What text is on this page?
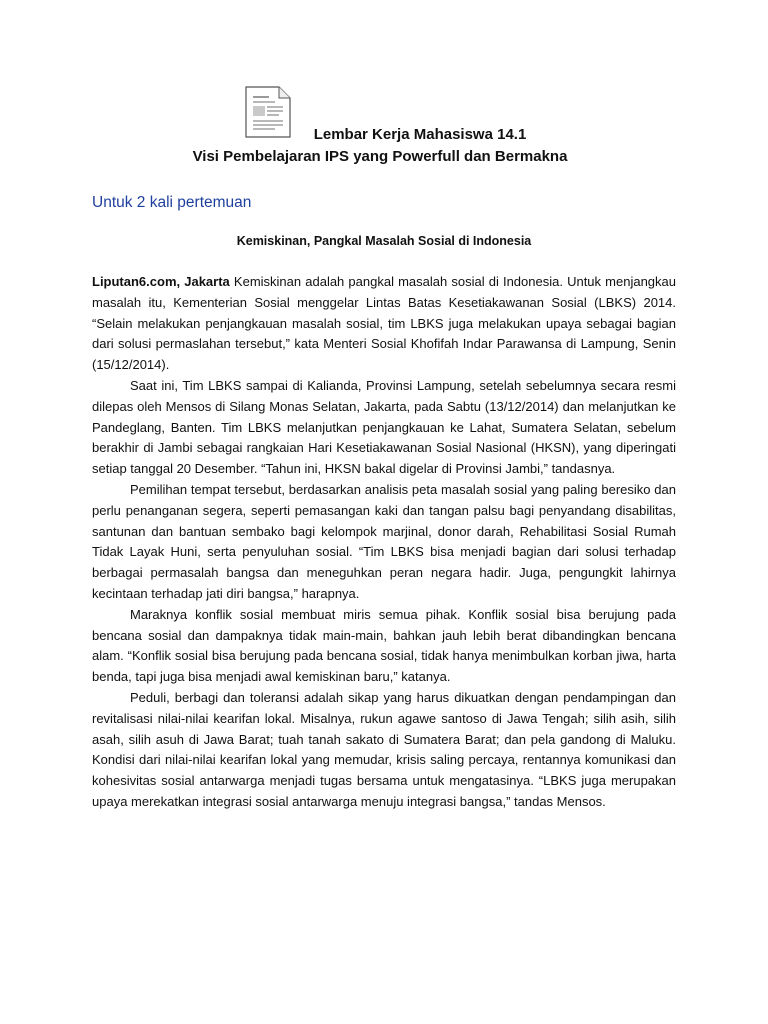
Lembar Kerja Mahasiswa 14.1
Visi Pembelajaran IPS yang Powerfull dan Bermakna
Untuk 2 kali pertemuan
Kemiskinan, Pangkal Masalah Sosial di Indonesia

Liputan6.com, Jakarta Kemiskinan adalah pangkal masalah sosial di Indonesia. Untuk menjangkau masalah itu, Kementerian Sosial menggelar Lintas Batas Kesetiakawanan Sosial (LBKS) 2014. “Selain melakukan penjangkauan masalah sosial, tim LBKS juga melakukan upaya sebagai bagian dari solusi permaslahan tersebut,” kata Menteri Sosial Khofifah Indar Parawansa di Lampung, Senin (15/12/2014).

Saat ini, Tim LBKS sampai di Kalianda, Provinsi Lampung, setelah sebelumnya secara resmi dilepas oleh Mensos di Silang Monas Selatan, Jakarta, pada Sabtu (13/12/2014) dan melanjutkan ke Pandeglang, Banten. Tim LBKS melanjutkan penjangkauan ke Lahat, Sumatera Selatan, sebelum berakhir di Jambi sebagai rangkaian Hari Kesetiakawanan Sosial Nasional (HKSN), yang diperingati setiap tanggal 20 Desember. “Tahun ini, HKSN bakal digelar di Provinsi Jambi,” tandasnya.

Pemilihan tempat tersebut, berdasarkan analisis peta masalah sosial yang paling beresiko dan perlu penanganan segera, seperti pemasangan kaki dan tangan palsu bagi penyandang disabilitas, santunan dan bantuan sembako bagi kelompok marjinal, donor darah, Rehabilitasi Sosial Rumah Tidak Layak Huni, serta penyuluhan sosial. “Tim LBKS bisa menjadi bagian dari solusi terhadap berbagai permasalah bangsa dan meneguhkan peran negara hadir. Juga, pengungkit lahirnya kecintaan terhadap jati diri bangsa,” harapnya.

Maraknya konflik sosial membuat miris semua pihak. Konflik sosial bisa berujung pada bencana sosial dan dampaknya tidak main-main, bahkan jauh lebih berat dibandingkan bencana alam. “Konflik sosial bisa berujung pada bencana sosial, tidak hanya menimbulkan korban jiwa, harta benda, tapi juga bisa menjadi awal kemiskinan baru,” katanya.

Peduli, berbagi dan toleransi adalah sikap yang harus dikuatkan dengan pendampingan dan revitalisasi nilai-nilai kearifan lokal. Misalnya, rukun agawe santoso di Jawa Tengah; silih asih, silih asah, silih asuh di Jawa Barat; tuah tanah sakato di Sumatera Barat; dan pela gandong di Maluku. Kondisi dari nilai-nilai kearifan lokal yang memudar, krisis saling percaya, rentannya komunikasi dan kohesivitas sosial antarwarga menjadi tugas bersama untuk mengatasinya. “LBKS juga merupakan upaya merekatkan integrasi sosial antarwarga menuju integrasi bangsa,” tandas Mensos.
